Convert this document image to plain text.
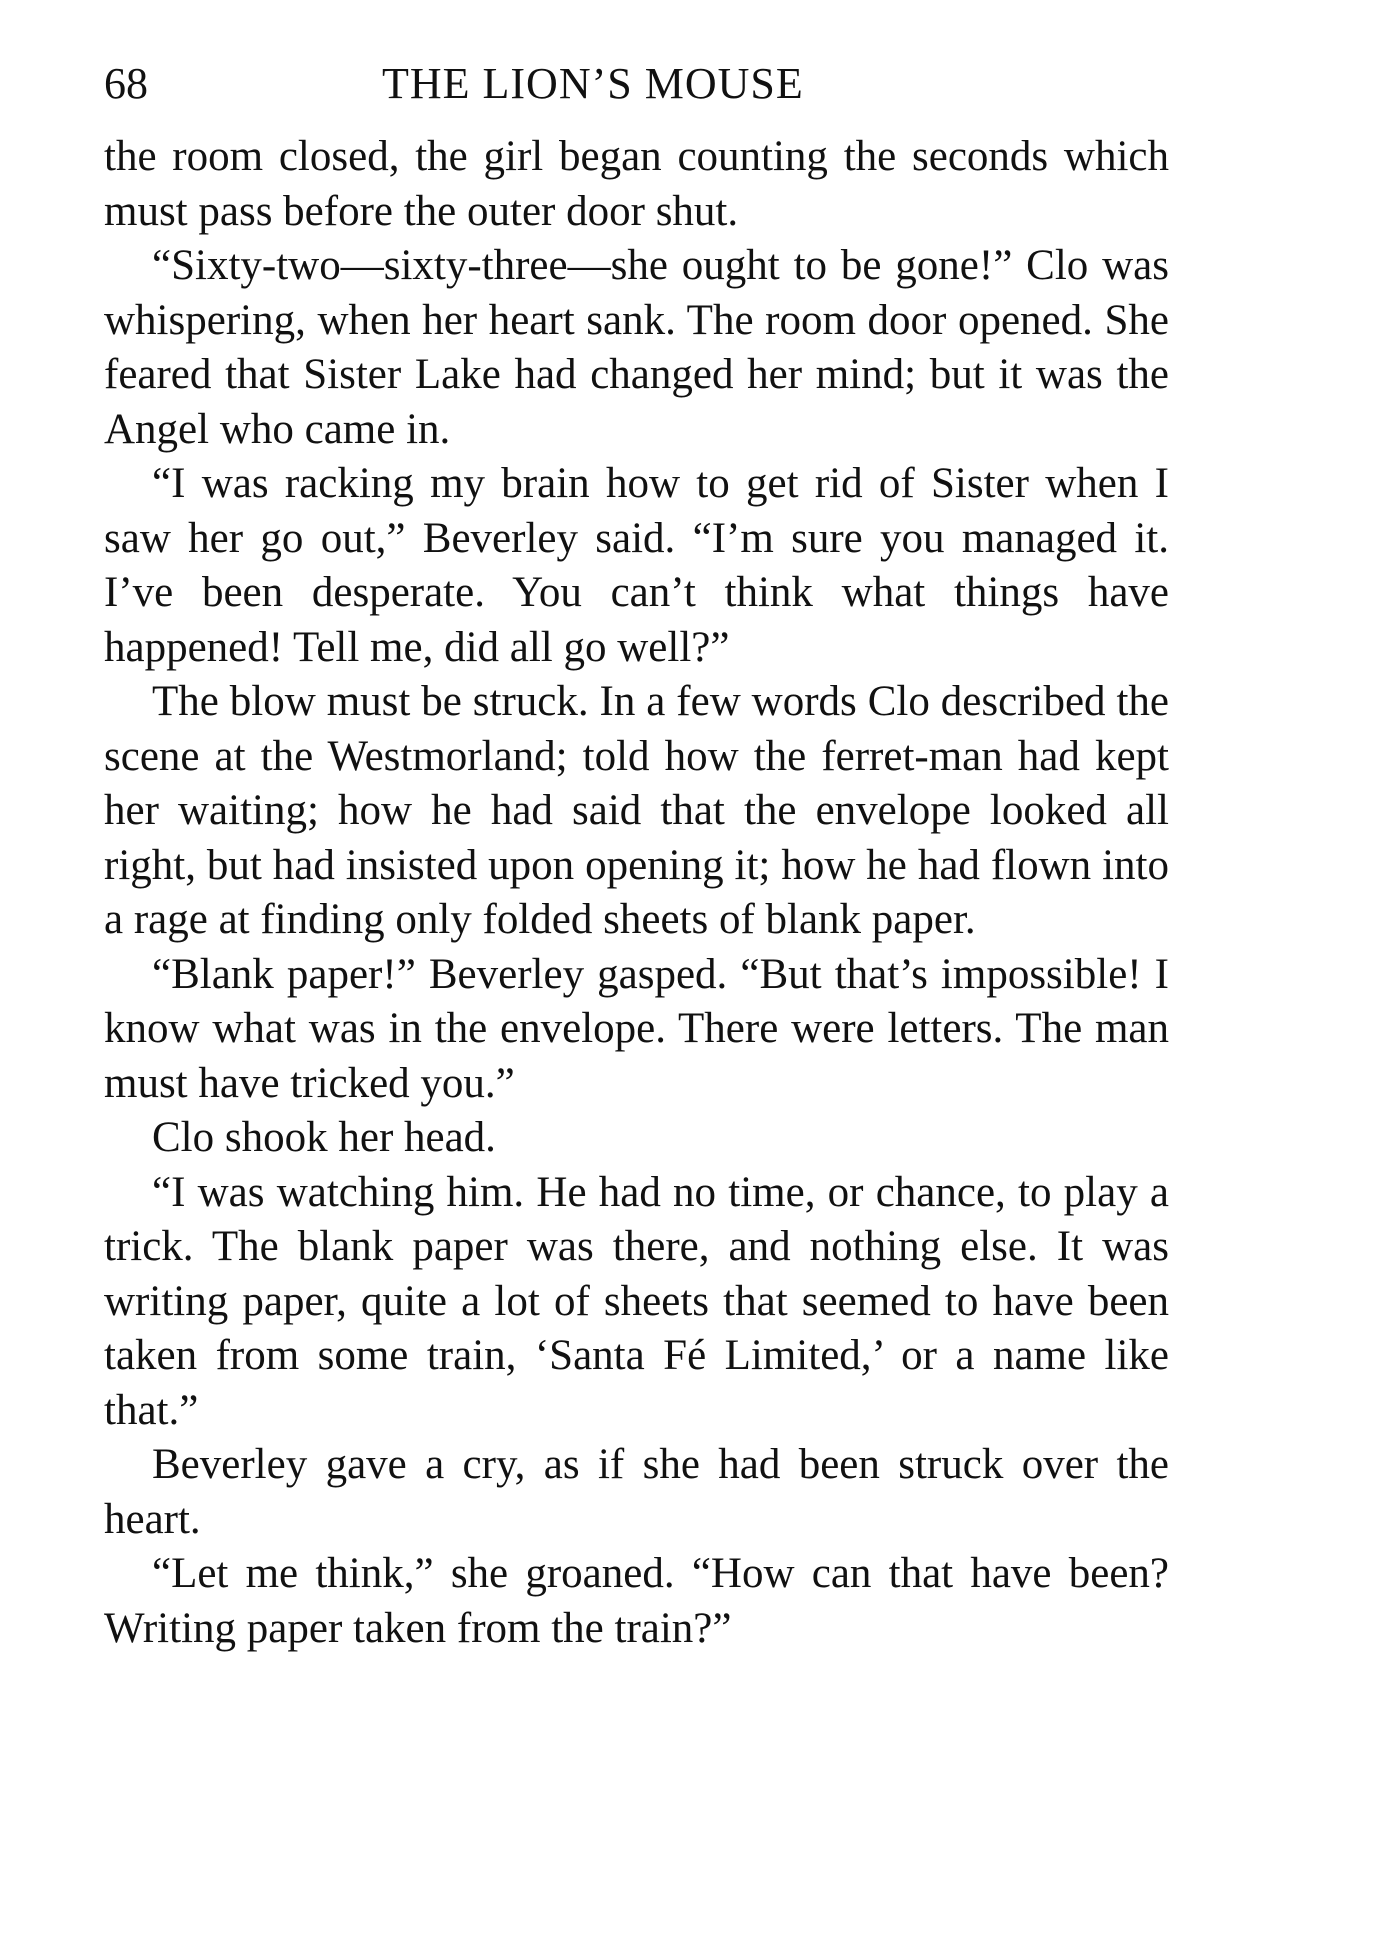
68	THE LION’S MOUSE

the room closed, the girl began counting the seconds which must pass before the outer door shut.

“Sixty-two—sixty-three—she ought to be gone!” Clo was whispering, when her heart sank. The room door opened. She feared that Sister Lake had changed her mind; but it was the Angel who came in.

“I was racking my brain how to get rid of Sister when I saw her go out,” Beverley said. “I’m sure you managed it. I’ve been desperate. You can’t think what things have happened! Tell me, did all go well?”

The blow must be struck. In a few words Clo described the scene at the Westmorland; told how the ferret-man had kept her waiting; how he had said that the envelope looked all right, but had insisted upon opening it; how he had flown into a rage at finding only folded sheets of blank paper.

“Blank paper!” Beverley gasped. “But that’s impossible! I know what was in the envelope. There were letters. The man must have tricked you.”

Clo shook her head.

“I was watching him. He had no time, or chance, to play a trick. The blank paper was there, and nothing else. It was writing paper, quite a lot of sheets that seemed to have been taken from some train, ‘Santa Fé Limited,’ or a name like that.”

Beverley gave a cry, as if she had been struck over the heart.

“Let me think,” she groaned. “How can that have been? Writing paper taken from the train?”
